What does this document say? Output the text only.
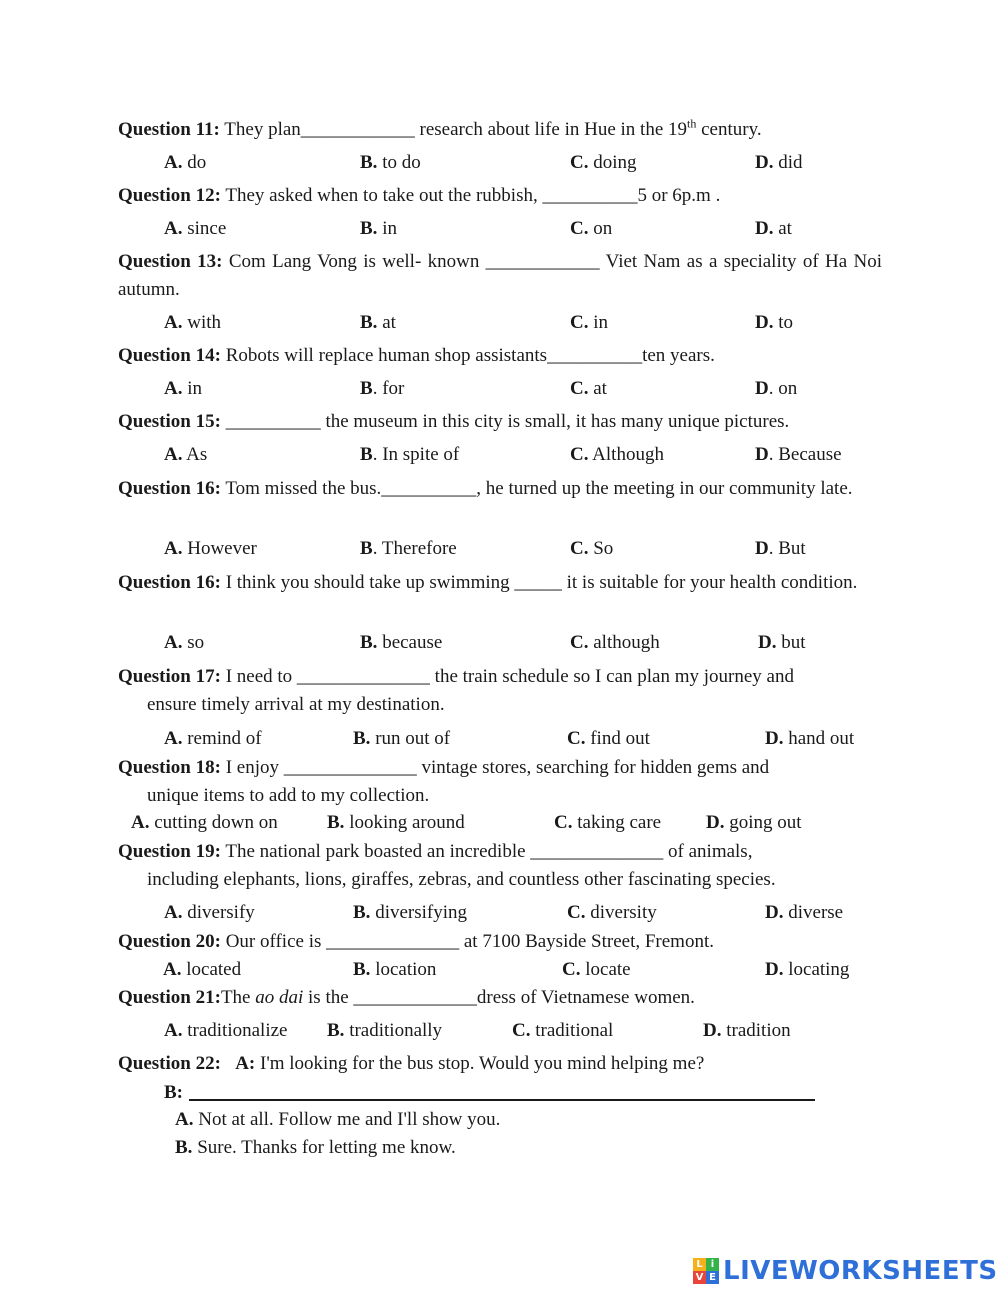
Question 11: They plan____________ research about life in Hue in the 19th century.
A. do	B. to do	C. doing	D. did
Question 12: They asked when to take out the rubbish, __________5 or 6p.m .
A. since	B. in	C. on	D. at
Question 13: Com Lang Vong is well- known ____________ Viet Nam as a speciality of Ha Noi autumn.
A. with	B. at	C. in	D. to
Question 14: Robots will replace human shop assistants__________ten years.
A. in	B. for	C. at	D. on
Question 15: __________ the museum in this city is small, it has many unique pictures.
A. As	B. In spite of	C. Although	D. Because
Question 16: Tom missed the bus.__________, he turned up the meeting in our community late.
A. However	B. Therefore	C. So	D. But
Question 16: I think you should take up swimming _____ it is suitable for your health condition.
A. so	B. because	C. although	D. but
Question 17: I need to ______________ the train schedule so I can plan my journey and
ensure timely arrival at my destination.
A. remind of	B. run out of	C. find out	D. hand out
Question 18: I enjoy ______________ vintage stores, searching for hidden gems and
unique items to add to my collection.
A. cutting down on	B. looking around	C. taking care D. going out
Question 19: The national park boasted an incredible ______________ of animals,
including elephants, lions, giraffes, zebras, and countless other fascinating species.
A. diversify	B. diversifying	C. diversity	D. diverse
Question 20: Our office is ______________ at 7100 Bayside Street, Fremont.
A. located	B. location	C. locate	D. locating
Question 21:The ao dai is the _____________dress of Vietnamese women.
A. traditionalize B. traditionally	C. traditional	D. tradition
Question 22: A: I'm looking for the bus stop. Would you mind helping me?
B:
A. Not at all. Follow me and I'll show you.
B. Sure. Thanks for letting me know.
L i
V E LIVEWORKSHEETS
